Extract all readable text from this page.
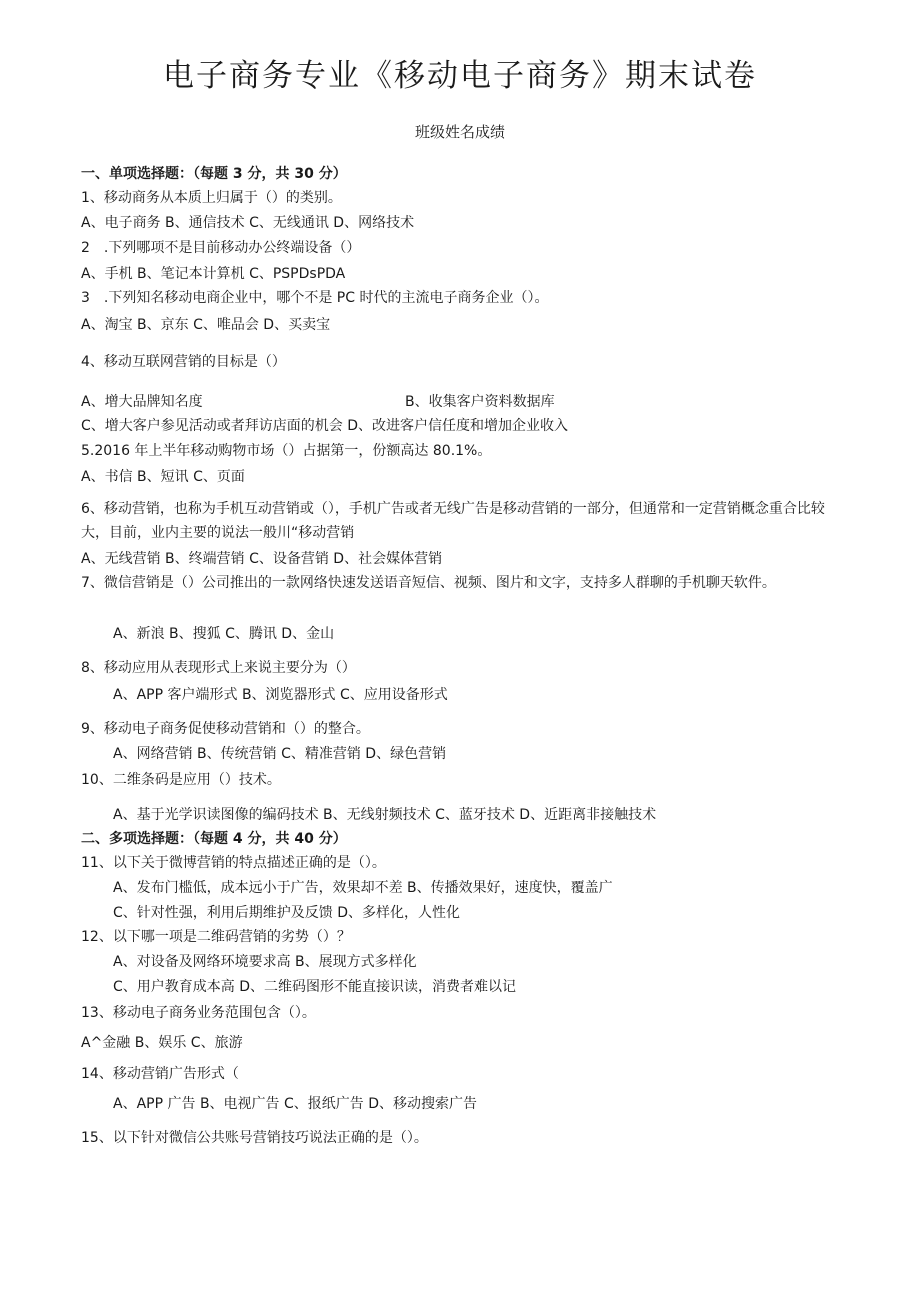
电子商务专业《移动电子商务》期末试卷
班级姓名成绩
一、单项选择题：（每题 3 分，共 30 分）
1、移动商务从本质上归属于（）的类别。
A、电子商务 B、通信技术 C、无线通讯 D、网络技术
2　.下列哪项不是目前移动办公终端设备（）
A、手机 B、笔记本计算机 C、PSPDsPDA
3　.下列知名移动电商企业中，哪个不是 PC 时代的主流电子商务企业（）。
A、淘宝 B、京东 C、唯品会 D、买卖宝
4、移动互联网营销的目标是（）
A、增大品牌知名度	B、收集客户资料数据库
C、增大客户参见活动或者拜访店面的机会 D、改进客户信任度和增加企业收入
5.2016 年上半年移动购物市场（）占据第一，份额高达 80.1%。
A、书信 B、短讯 C、页面
6、移动营销，也称为手机互动营销或（），手机广告或者无线广告是移动营销的一部分，但通常和一定营销概念重合比较大，目前，业内主要的说法一般川“移动营销
A、无线营销 B、终端营销 C、设备营销 D、社会媒体营销
7、微信营销是（）公司推出的一款网络快速发送语音短信、视频、图片和文字，支持多人群聊的手机聊天软件。
A、新浪 B、搜狐 C、腾讯 D、金山
8、移动应用从表现形式上来说主要分为（）
A、APP 客户端形式 B、浏览器形式 C、应用设备形式
9、移动电子商务促使移动营销和（）的整合。
A、网络营销 B、传统营销 C、精准营销 D、绿色营销
10、二维条码是应用（）技术。
A、基于光学识读图像的编码技术 B、无线射频技术 C、蓝牙技术 D、近距离非接触技术
二、多项选择题：（每题 4 分，共 40 分）
11、以下关于微博营销的特点描述正确的是（）。
A、发布门槛低，成本远小于广告，效果却不差 B、传播效果好，速度快，覆盖广
C、针对性强，利用后期维护及反馈 D、多样化，人性化
12、以下哪一项是二维码营销的劣势（）？
A、对设备及网络环境要求高 B、展现方式多样化
C、用户教育成本高 D、二维码图形不能直接识读，消费者难以记
13、移动电子商务业务范围包含（）。
A^金融 B、娱乐 C、旅游
14、移动营销广告形式（
A、APP 广告 B、电视广告 C、报纸广告 D、移动搜索广告
15、以下针对微信公共账号营销技巧说法正确的是（）。
